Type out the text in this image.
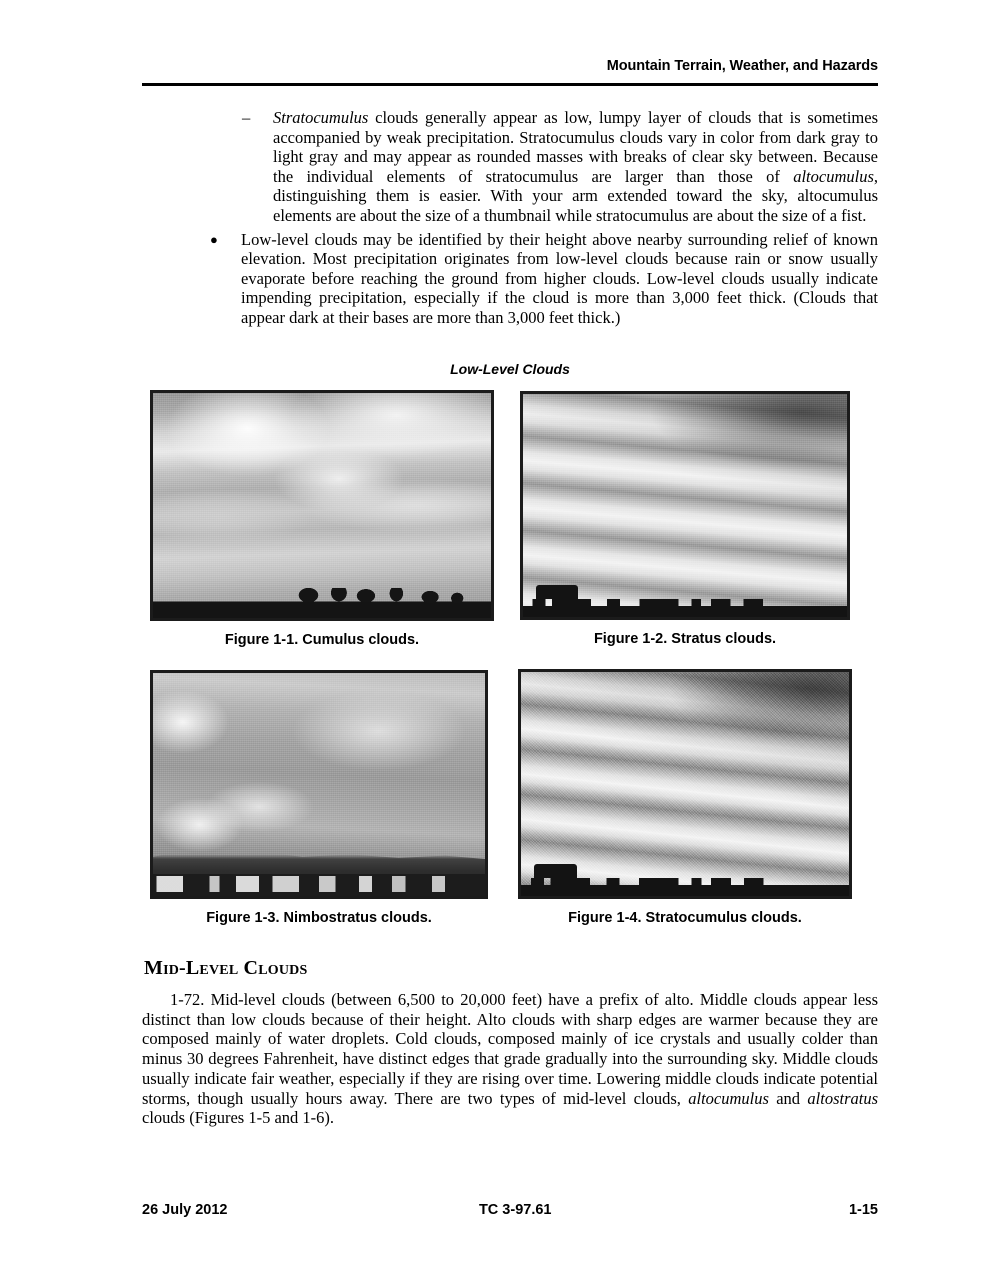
Mountain Terrain, Weather, and Hazards
–	Stratocumulus clouds generally appear as low, lumpy layer of clouds that is sometimes accompanied by weak precipitation. Stratocumulus clouds vary in color from dark gray to light gray and may appear as rounded masses with breaks of clear sky between. Because the individual elements of stratocumulus are larger than those of altocumulus, distinguishing them is easier. With your arm extended toward the sky, altocumulus elements are about the size of a thumbnail while stratocumulus are about the size of a fist.
●	Low-level clouds may be identified by their height above nearby surrounding relief of known elevation. Most precipitation originates from low-level clouds because rain or snow usually evaporate before reaching the ground from higher clouds. Low-level clouds usually indicate impending precipitation, especially if the cloud is more than 3,000 feet thick. (Clouds that appear dark at their bases are more than 3,000 feet thick.)
Low-Level Clouds
Figure 1-1. Cumulus clouds.	Figure 1-2. Stratus clouds.
Figure 1-3. Nimbostratus clouds.	Figure 1-4. Stratocumulus clouds.
Mid-Level Clouds
1-72. Mid-level clouds (between 6,500 to 20,000 feet) have a prefix of alto. Middle clouds appear less distinct than low clouds because of their height. Alto clouds with sharp edges are warmer because they are composed mainly of water droplets. Cold clouds, composed mainly of ice crystals and usually colder than minus 30 degrees Fahrenheit, have distinct edges that grade gradually into the surrounding sky. Middle clouds usually indicate fair weather, especially if they are rising over time. Lowering middle clouds indicate potential storms, though usually hours away. There are two types of mid-level clouds, altocumulus and altostratus clouds (Figures 1-5 and 1-6).
26 July 2012	TC 3-97.61	1-15
